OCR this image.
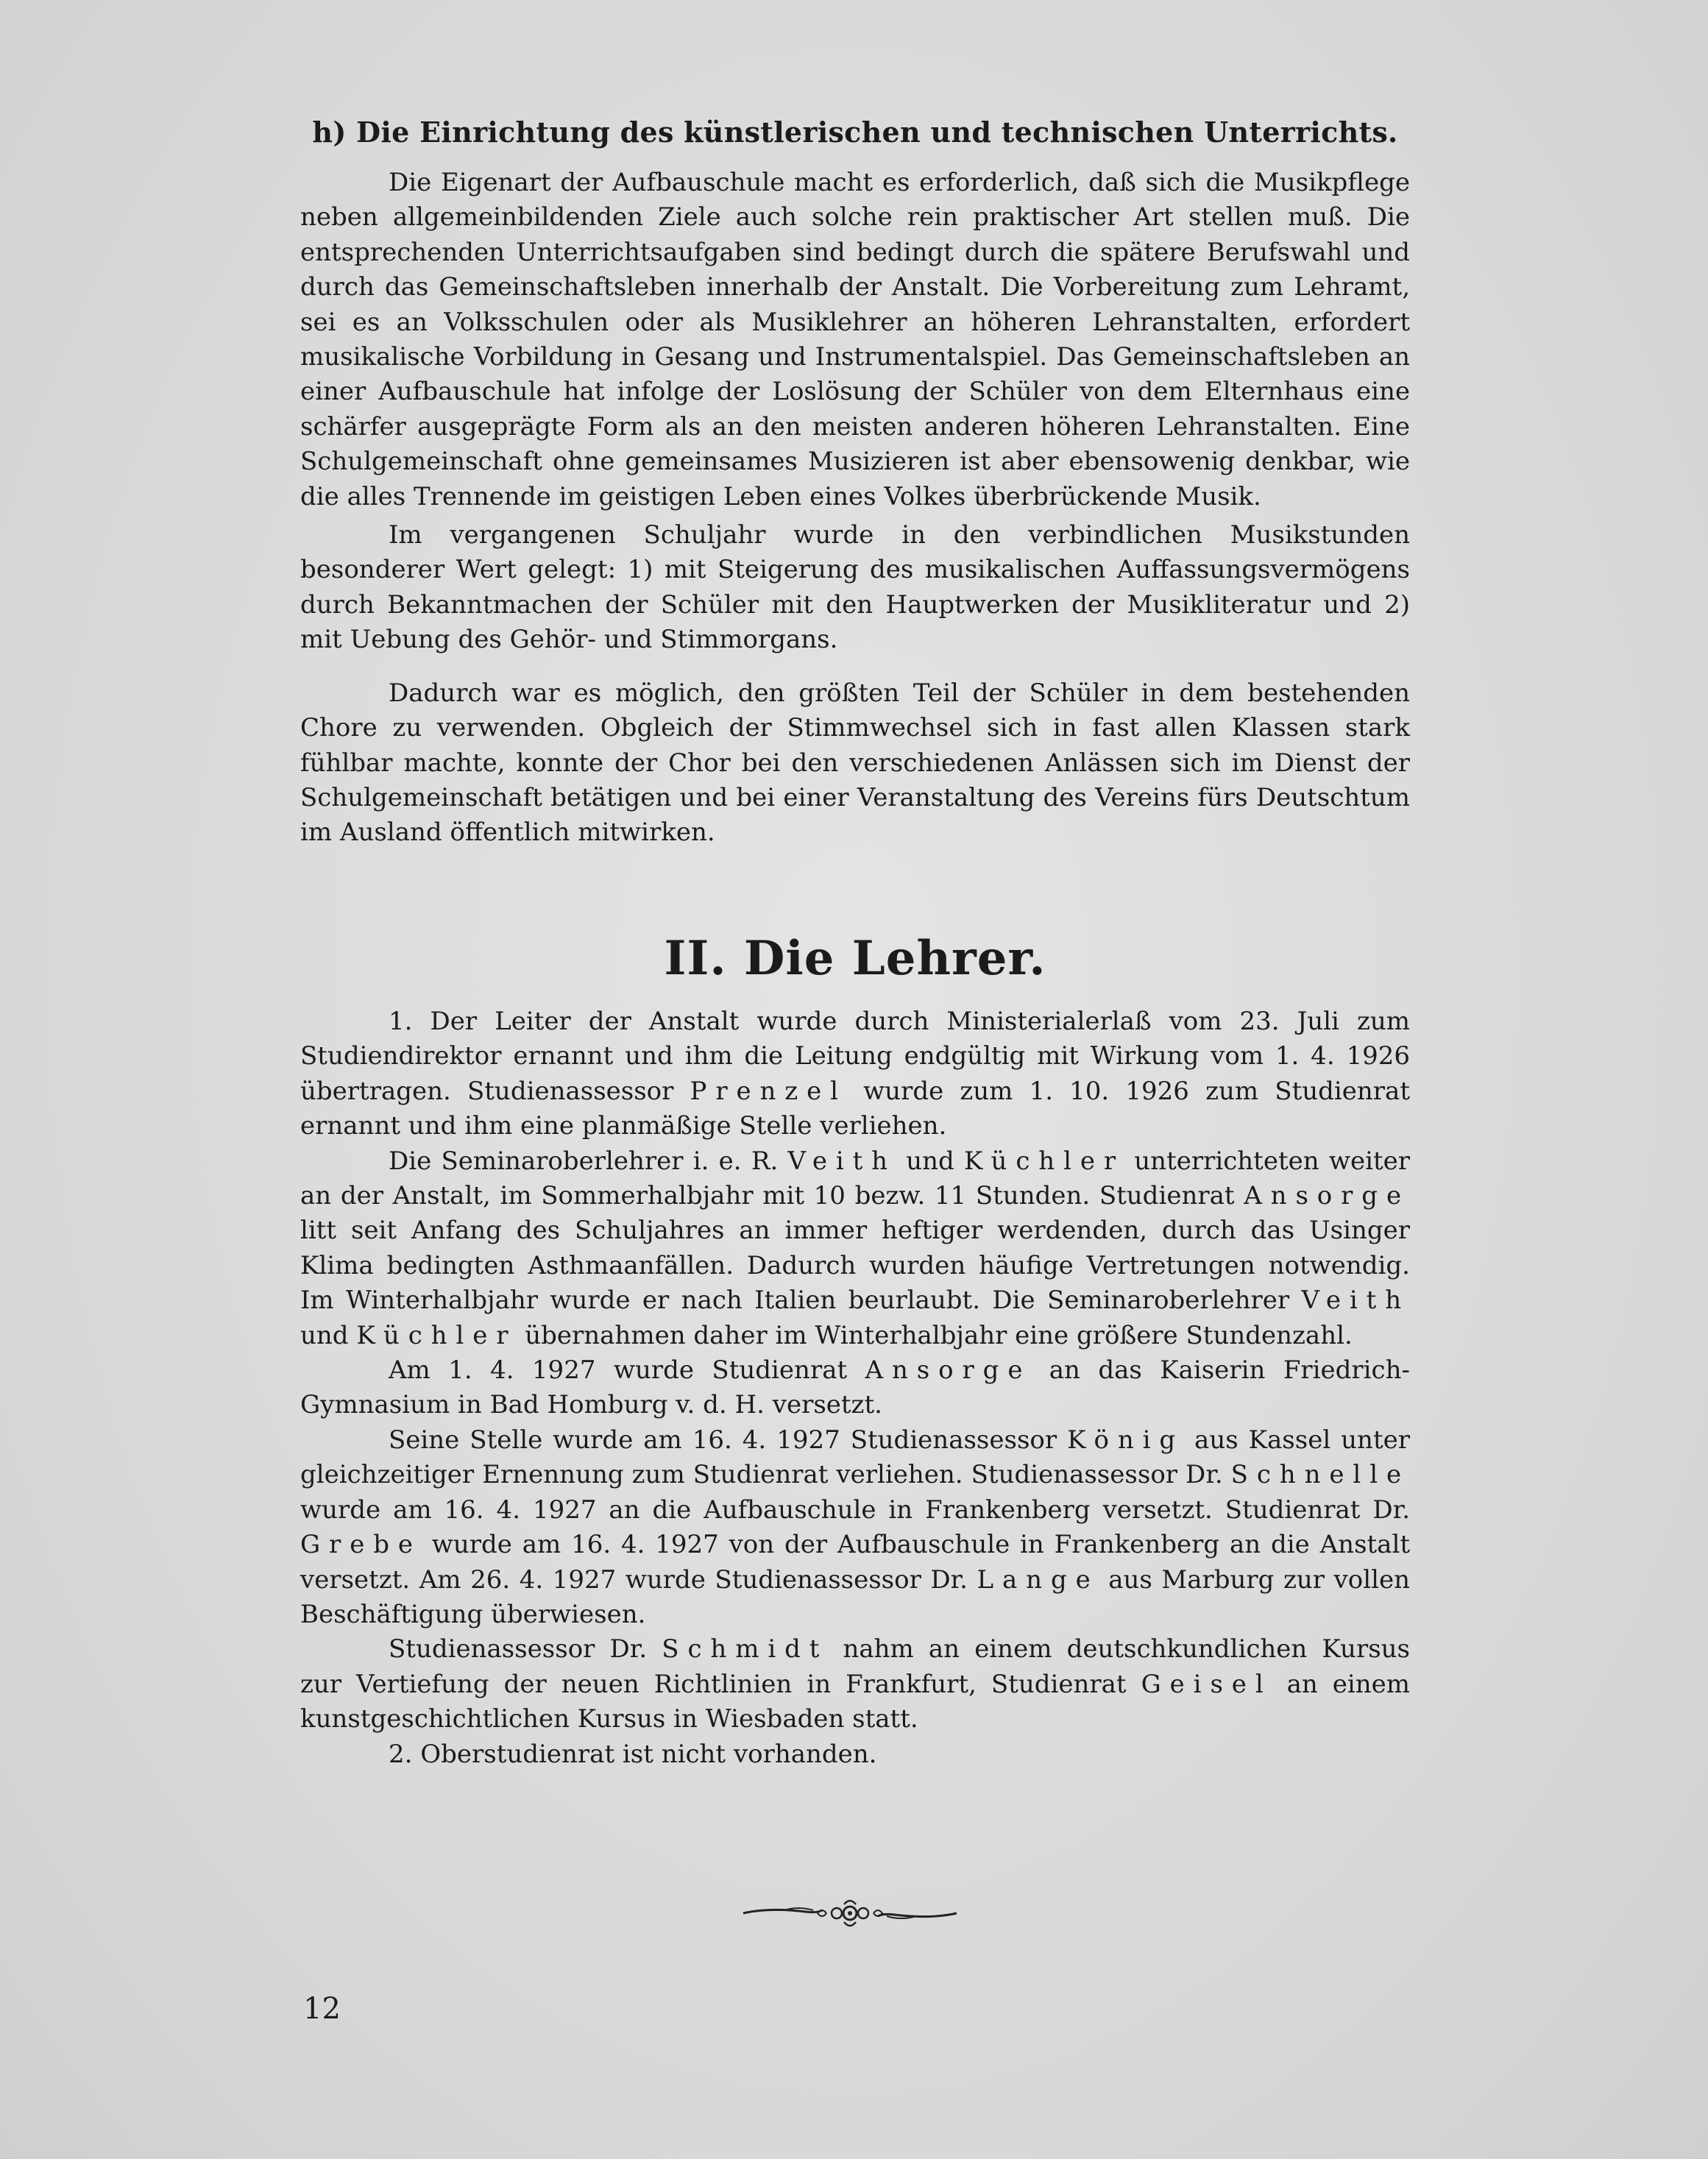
h) Die Einrichtung des künstlerischen und technischen Unterrichts.

Die Eigenart der Aufbauschule macht es erforderlich, daß sich die Musikpflege neben allgemeinbildenden Ziele auch solche rein praktischer Art stellen muß. Die entsprechenden Unterrichtsaufgaben sind bedingt durch die spätere Berufswahl und durch das Gemeinschaftsleben innerhalb der Anstalt. Die Vorbereitung zum Lehramt, sei es an Volksschulen oder als Musiklehrer an höheren Lehranstalten, erfordert musikalische Vorbildung in Gesang und Instrumentalspiel. Das Gemeinschaftsleben an einer Aufbauschule hat infolge der Loslösung der Schüler von dem Elternhaus eine schärfer ausgeprägte Form als an den meisten anderen höheren Lehranstalten. Eine Schulgemeinschaft ohne gemeinsames Musizieren ist aber ebensowenig denkbar, wie die alles Trennende im geistigen Leben eines Volkes überbrückende Musik.

Im vergangenen Schuljahr wurde in den verbindlichen Musikstunden besonderer Wert gelegt: 1) mit Steigerung des musikalischen Auffassungsvermögens durch Bekanntmachen der Schüler mit den Hauptwerken der Musikliteratur und 2) mit Uebung des Gehör- und Stimmorgans.

Dadurch war es möglich, den größten Teil der Schüler in dem bestehenden Chore zu verwenden. Obgleich der Stimmwechsel sich in fast allen Klassen stark fühlbar machte, konnte der Chor bei den verschiedenen Anlässen sich im Dienst der Schulgemeinschaft betätigen und bei einer Veranstaltung des Vereins fürs Deutschtum im Ausland öffentlich mitwirken.

II. Die Lehrer.

1. Der Leiter der Anstalt wurde durch Ministerialerlaß vom 23. Juli zum Studiendirektor ernannt und ihm die Leitung endgültig mit Wirkung vom 1. 4. 1926 übertragen. Studienassessor Prenzel wurde zum 1. 10. 1926 zum Studienrat ernannt und ihm eine planmäßige Stelle verliehen.

Die Seminaroberlehrer i. e. R. Veith und Küchler unterrichteten weiter an der Anstalt, im Sommerhalbjahr mit 10 bezw. 11 Stunden. Studienrat Ansorge litt seit Anfang des Schuljahres an immer heftiger werdenden, durch das Usinger Klima bedingten Asthmaanfällen. Dadurch wurden häufige Vertretungen notwendig. Im Winterhalbjahr wurde er nach Italien beurlaubt. Die Seminaroberlehrer Veith und Küchler übernahmen daher im Winterhalbjahr eine größere Stundenzahl.

Am 1. 4. 1927 wurde Studienrat Ansorge an das Kaiserin Friedrich-Gymnasium in Bad Homburg v. d. H. versetzt.

Seine Stelle wurde am 16. 4. 1927 Studienassessor König aus Kassel unter gleichzeitiger Ernennung zum Studienrat verliehen. Studienassessor Dr. Schnelle wurde am 16. 4. 1927 an die Aufbauschule in Frankenberg versetzt. Studienrat Dr. Grebe wurde am 16. 4. 1927 von der Aufbauschule in Frankenberg an die Anstalt versetzt. Am 26. 4. 1927 wurde Studienassessor Dr. Lange aus Marburg zur vollen Beschäftigung überwiesen.

Studienassessor Dr. Schmidt nahm an einem deutschkundlichen Kursus zur Vertiefung der neuen Richtlinien in Frankfurt, Studienrat Geisel an einem kunstgeschichtlichen Kursus in Wiesbaden statt.

2. Oberstudienrat ist nicht vorhanden.

12
